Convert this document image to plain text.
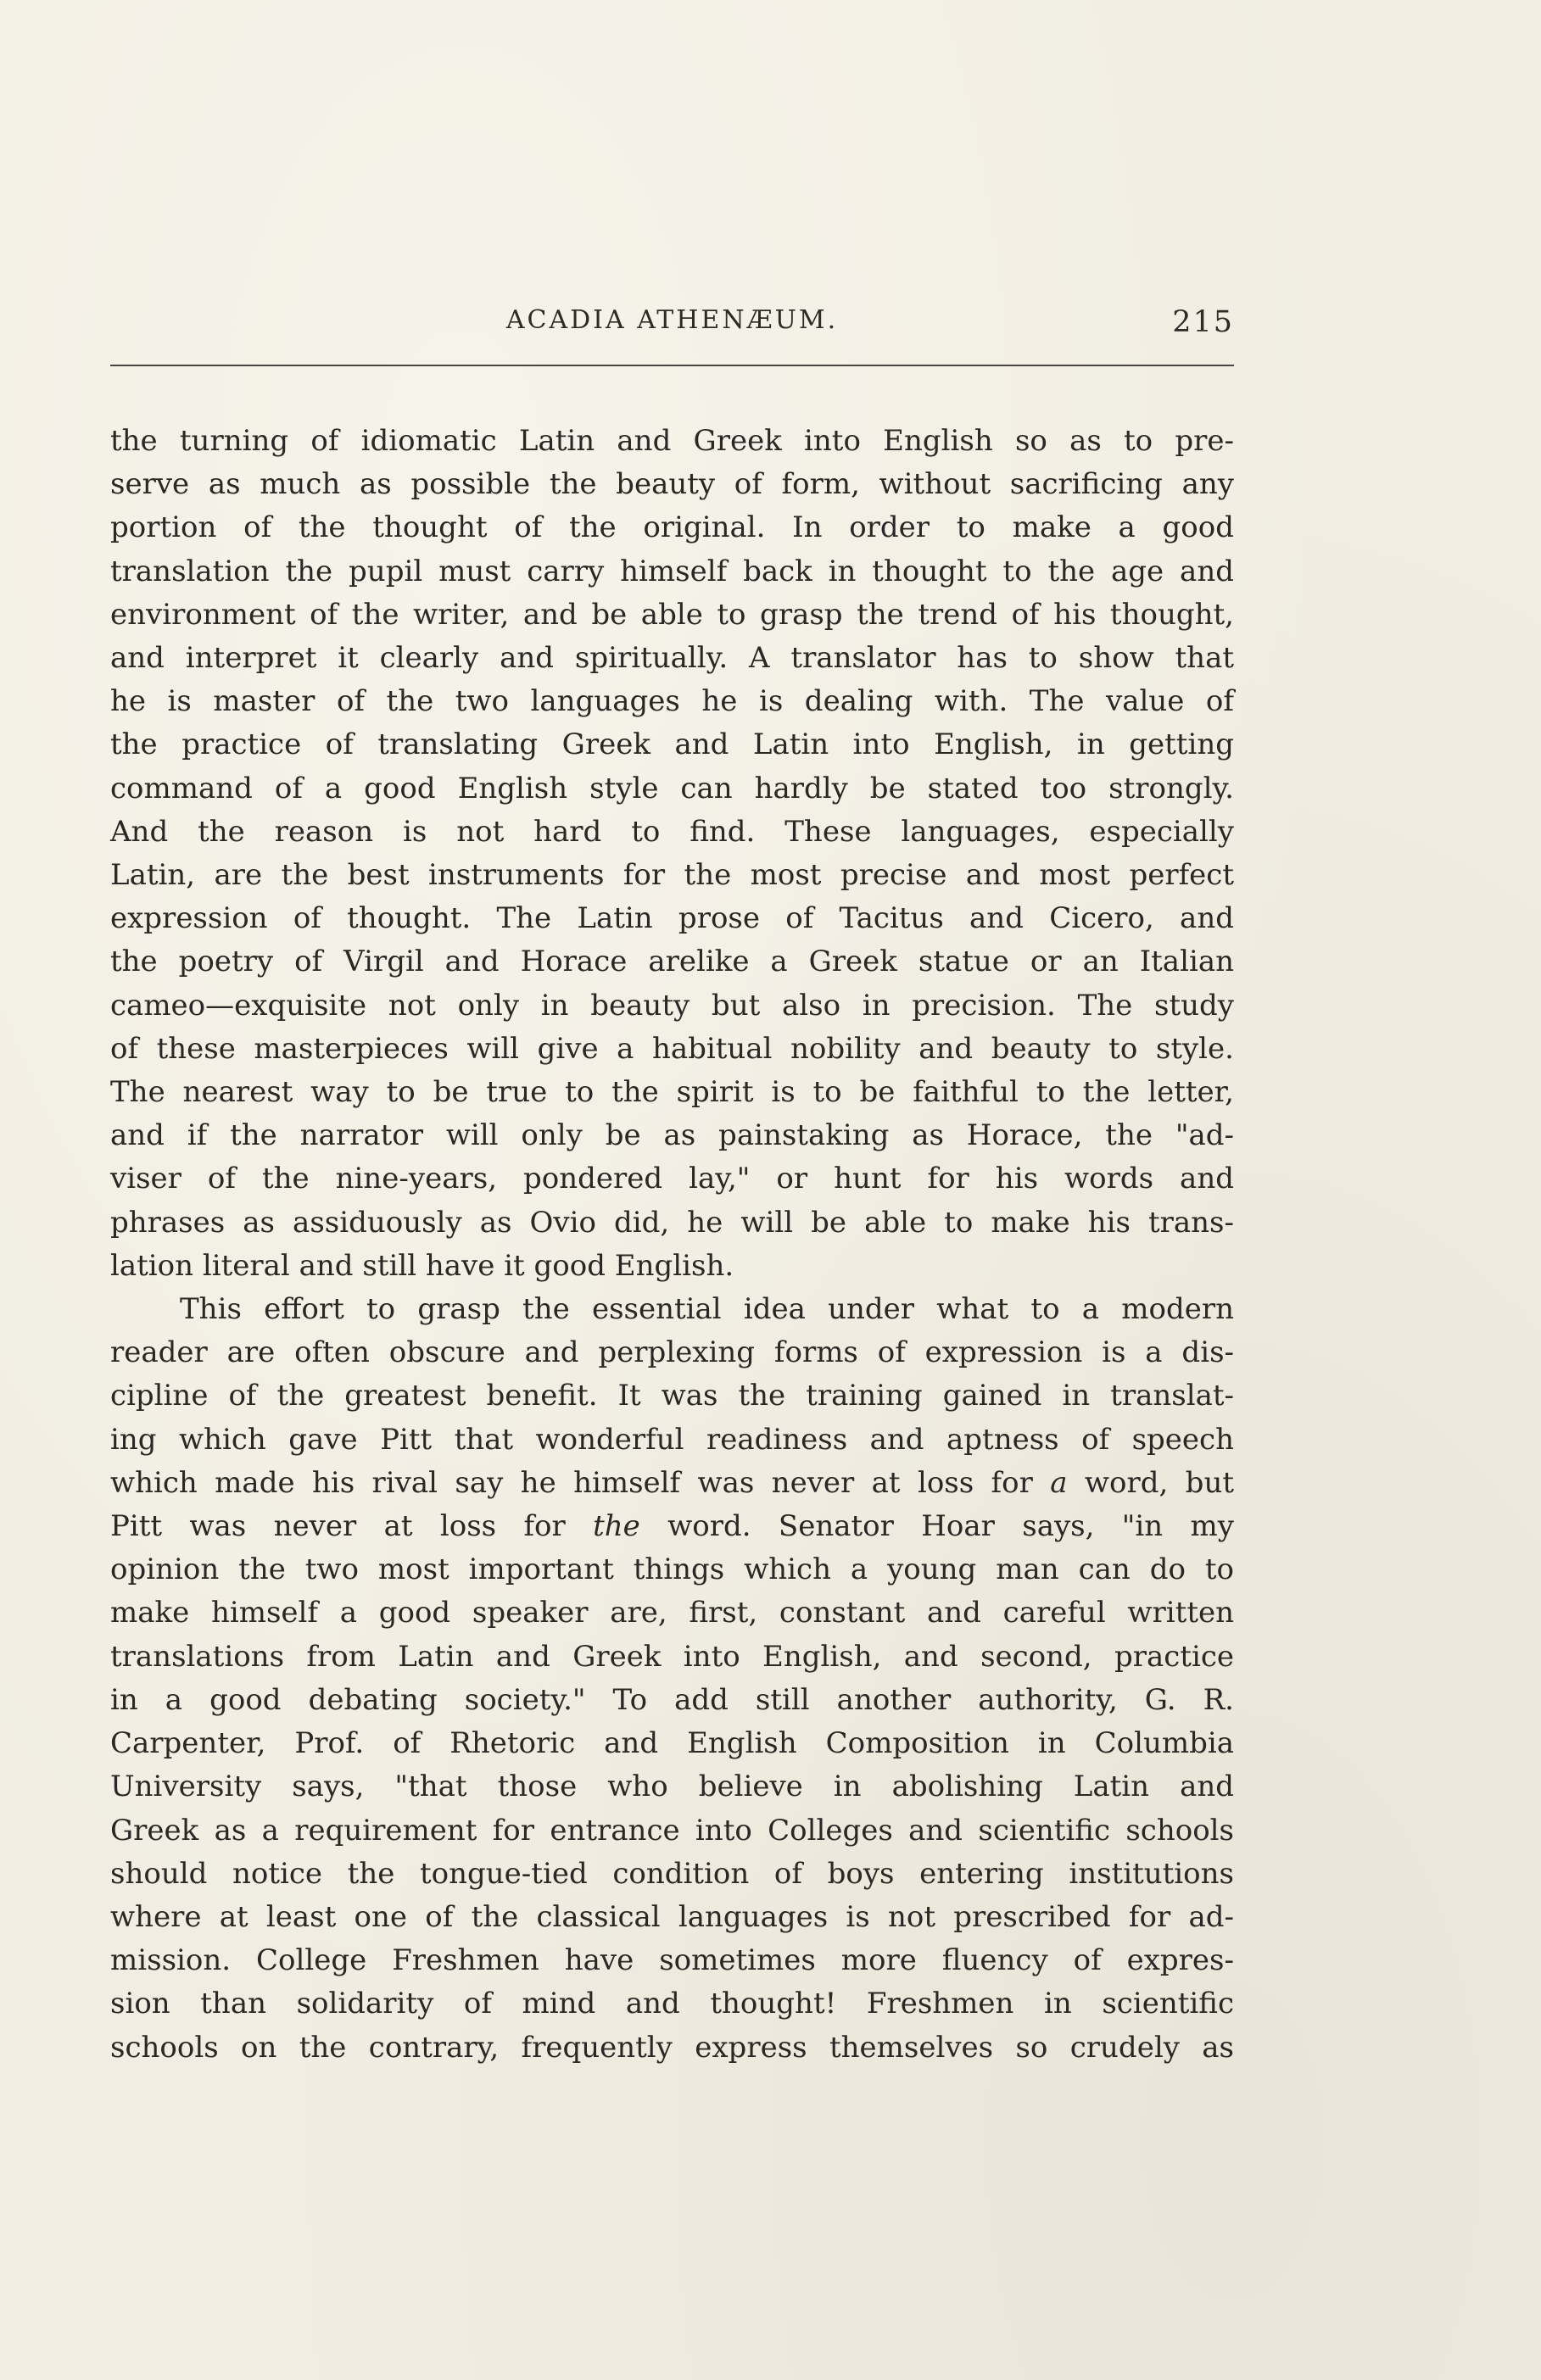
ACADIA ATHENÆUM.	215
the turning of idiomatic Latin and Greek into English so as to pre-
serve as much as possible the beauty of form, without sacrificing any
portion of the thought of the original. In order to make a good
translation the pupil must carry himself back in thought to the age and
environment of the writer, and be able to grasp the trend of his thought,
and interpret it clearly and spiritually. A translator has to show that
he is master of the two languages he is dealing with. The value of
the practice of translating Greek and Latin into English, in getting
command of a good English style can hardly be stated too strongly.
And the reason is not hard to find. These languages, especially
Latin, are the best instruments for the most precise and most perfect
expression of thought. The Latin prose of Tacitus and Cicero, and
the poetry of Virgil and Horace arelike a Greek statue or an Italian
cameo—exquisite not only in beauty but also in precision. The study
of these masterpieces will give a habitual nobility and beauty to style.
The nearest way to be true to the spirit is to be faithful to the letter,
and if the narrator will only be as painstaking as Horace, the "ad-
viser of the nine-years, pondered lay," or hunt for his words and
phrases as assiduously as Ovio did, he will be able to make his trans-
lation literal and still have it good English.
This effort to grasp the essential idea under what to a modern
reader are often obscure and perplexing forms of expression is a dis-
cipline of the greatest benefit. It was the training gained in translat-
ing which gave Pitt that wonderful readiness and aptness of speech
which made his rival say he himself was never at loss for a word, but
Pitt was never at loss for the word. Senator Hoar says, "in my
opinion the two most important things which a young man can do to
make himself a good speaker are, first, constant and careful written
translations from Latin and Greek into English, and second, practice
in a good debating society." To add still another authority, G. R.
Carpenter, Prof. of Rhetoric and English Composition in Columbia
University says, "that those who believe in abolishing Latin and
Greek as a requirement for entrance into Colleges and scientific schools
should notice the tongue-tied condition of boys entering institutions
where at least one of the classical languages is not prescribed for ad-
mission. College Freshmen have sometimes more fluency of expres-
sion than solidarity of mind and thought! Freshmen in scientific
schools on the contrary, frequently express themselves so crudely as
